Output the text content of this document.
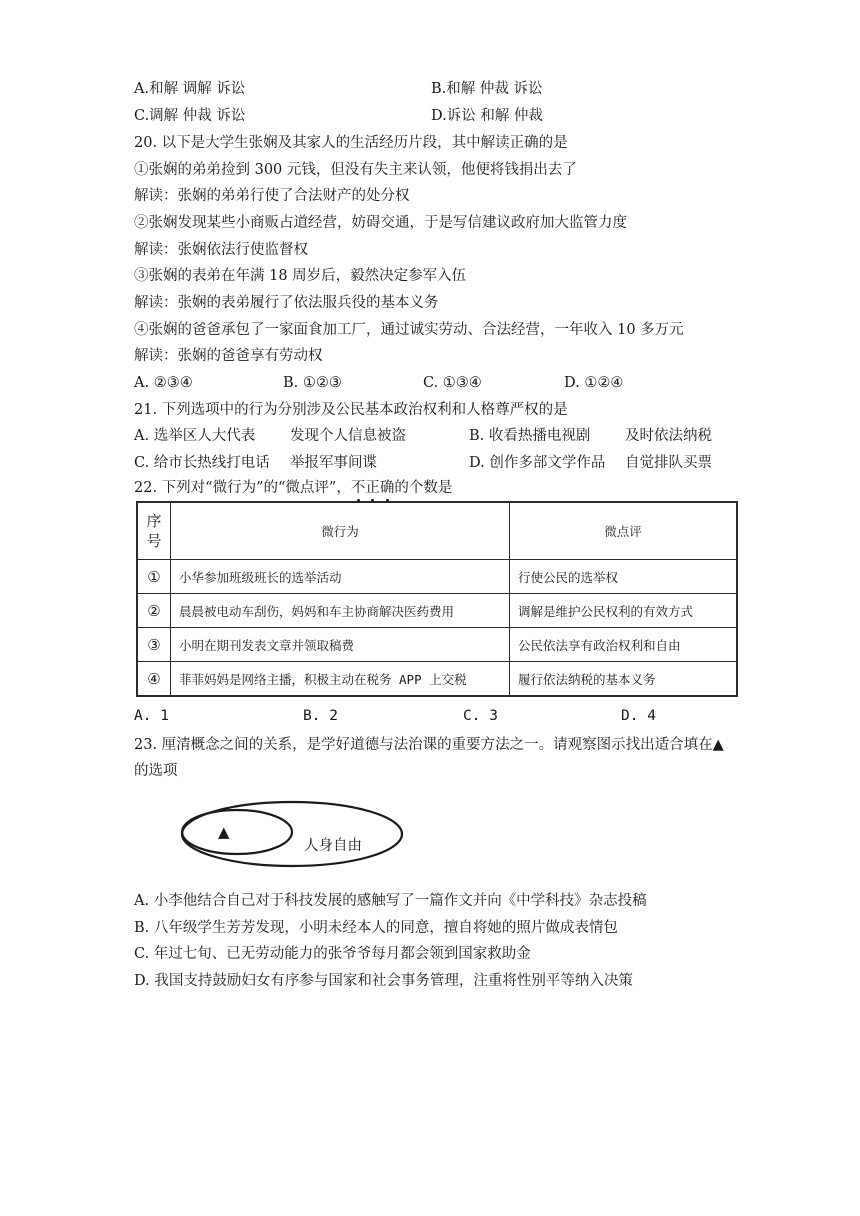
A.和解 调解 诉讼	B.和解 仲裁 诉讼
C.调解 仲裁 诉讼	D.诉讼 和解 仲裁
20. 以下是大学生张娴及其家人的生活经历片段，其中解读正确的是
①张娴的弟弟捡到 300 元钱，但没有失主来认领，他便将钱捐出去了
解读：张娴的弟弟行使了合法财产的处分权
②张娴发现某些小商贩占道经营，妨碍交通，于是写信建议政府加大监管力度
解读：张娴依法行使监督权
③张娴的表弟在年满 18 周岁后，毅然决定参军入伍
解读：张娴的表弟履行了依法服兵役的基本义务
④张娴的爸爸承包了一家面食加工厂，通过诚实劳动、合法经营，一年收入 10 多万元
解读：张娴的爸爸享有劳动权
A. ②③④	B. ①②③	C. ①③④	D. ①②④
21. 下列选项中的行为分别涉及公民基本政治权利和人格尊严权的是
A. 选举区人大代表 发现个人信息被盗	B. 收看热播电视剧 及时依法纳税
C. 给市长热线打电话 举报军事间谍	D. 创作多部文学作品 自觉排队买票
22. 下列对“微行为”的“微点评”，不正确的个数是
序
号	微行为	微点评
①	小华参加班级班长的选举活动	行使公民的选举权
②	晨晨被电动车刮伤，妈妈和车主协商解决医药费用	调解是维护公民权利的有效方式
③	小明在期刊发表文章并领取稿费	公民依法享有政治权利和自由
④	菲菲妈妈是网络主播，积极主动在税务 APP 上交税	履行依法纳税的基本义务
A. 1	B. 2	C. 3	D. 4
23. 厘清概念之间的关系，是学好道德与法治课的重要方法之一。请观察图示找出适合填在▲
的选项
▲
人身自由
A. 小李他结合自己对于科技发展的感触写了一篇作文并向《中学科技》杂志投稿
B. 八年级学生芳芳发现，小明未经本人的同意，擅自将她的照片做成表情包
C. 年过七旬、已无劳动能力的张爷爷每月都会领到国家救助金
D. 我国支持鼓励妇女有序参与国家和社会事务管理，注重将性别平等纳入决策
